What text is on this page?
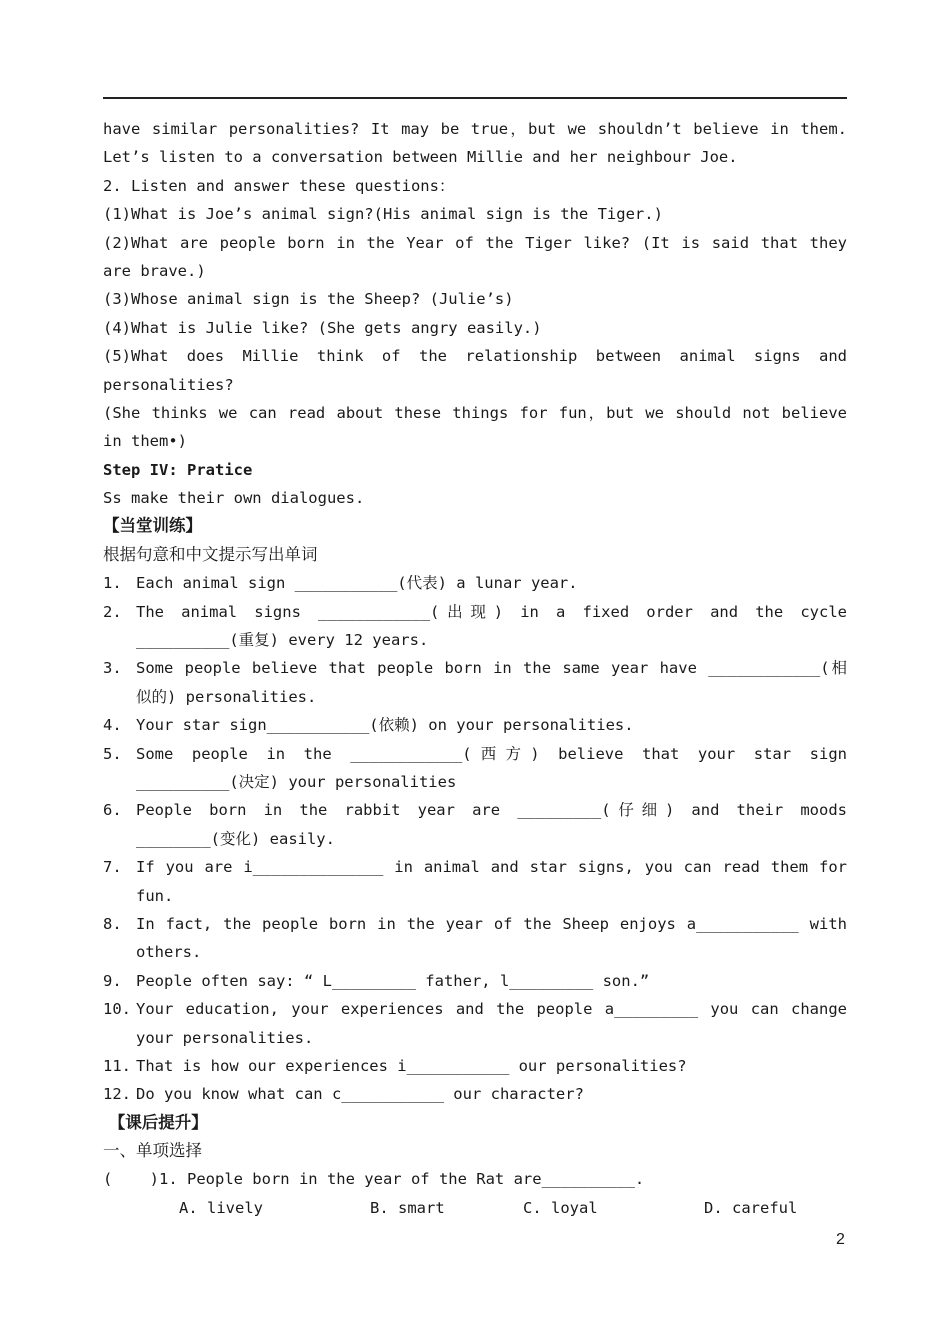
have similar personalities? It may be true，but we shouldn’t believe in them.
Let’s listen to a conversation between Millie and her neighbour Joe.
2. Listen and answer these questions：
(1)What is Joe’s animal sign?(His animal sign is the Tiger.)
(2)What are people born in the Year of the Tiger like? (It is said that they
are brave.)
(3)Whose animal sign is the Sheep? (Julie’s)
(4)What is Julie like? (She gets angry easily.)
(5)What does Millie think of the relationship between animal signs and
personalities?
(She thinks we can read about these things for fun，but we should not believe
in them•)
Step IV: Pratice
Ss make their own dialogues.
【当堂训练】
根据句意和中文提示写出单词
1. Each animal sign ___________(代表) a lunar year.
2. The animal signs ____________(出现) in a fixed order and the cycle
__________(重复) every 12 years.
3. Some people believe that people born in the same year have ____________(相
似的) personalities.
4. Your star sign___________(依赖) on your personalities.
5. Some people in the ____________(西方) believe that your star sign
__________(决定) your personalities
6. People born in the rabbit year are _________(仔细) and their moods
________(变化) easily.
7. If you are i______________ in animal and star signs, you can read them for
fun.
8. In fact, the people born in the year of the Sheep enjoys a___________ with
others.
9. People often say: “ L_________ father, l_________ son.”
10. Your education, your experiences and the people a_________ you can change
your personalities.
11. That is how our experiences i___________ our personalities?
12. Do you know what can c___________ our character?
【课后提升】
一、单项选择
(    )1. People born in the year of the Rat are__________.

A. lively

	B. smart

	C. loyal

	D. careful

2
